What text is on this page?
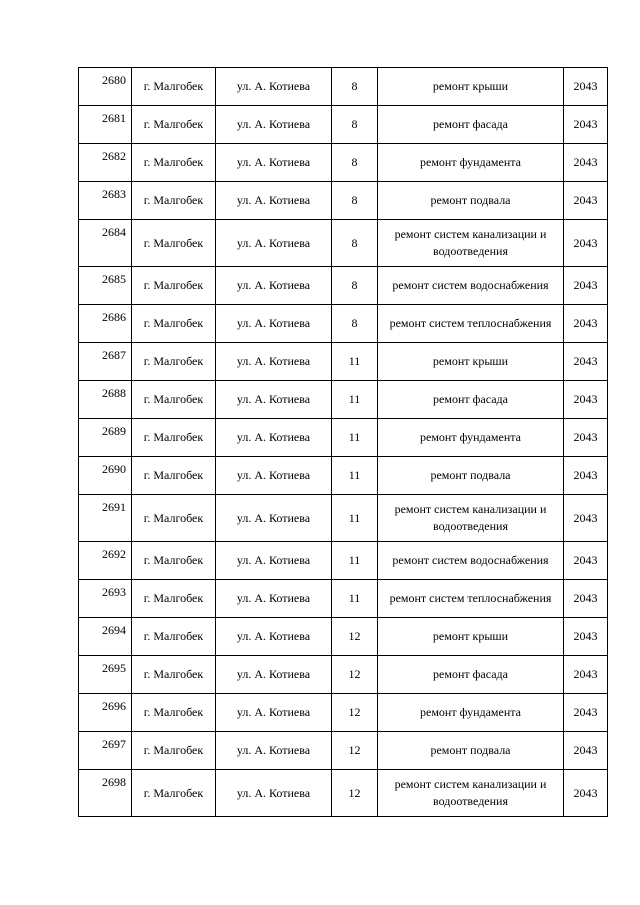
2680	г. Малгобек	ул. А. Котиева	8	ремонт крыши	2043
2681	г. Малгобек	ул. А. Котиева	8	ремонт фасада	2043
2682	г. Малгобек	ул. А. Котиева	8	ремонт фундамента	2043
2683	г. Малгобек	ул. А. Котиева	8	ремонт подвала	2043
2684	г. Малгобек	ул. А. Котиева	8	ремонт систем канализации и водоотведения	2043
2685	г. Малгобек	ул. А. Котиева	8	ремонт систем водоснабжения	2043
2686	г. Малгобек	ул. А. Котиева	8	ремонт систем теплоснабжения	2043
2687	г. Малгобек	ул. А. Котиева	11	ремонт крыши	2043
2688	г. Малгобек	ул. А. Котиева	11	ремонт фасада	2043
2689	г. Малгобек	ул. А. Котиева	11	ремонт фундамента	2043
2690	г. Малгобек	ул. А. Котиева	11	ремонт подвала	2043
2691	г. Малгобек	ул. А. Котиева	11	ремонт систем канализации и водоотведения	2043
2692	г. Малгобек	ул. А. Котиева	11	ремонт систем водоснабжения	2043
2693	г. Малгобек	ул. А. Котиева	11	ремонт систем теплоснабжения	2043
2694	г. Малгобек	ул. А. Котиева	12	ремонт крыши	2043
2695	г. Малгобек	ул. А. Котиева	12	ремонт фасада	2043
2696	г. Малгобек	ул. А. Котиева	12	ремонт фундамента	2043
2697	г. Малгобек	ул. А. Котиева	12	ремонт подвала	2043
2698	г. Малгобек	ул. А. Котиева	12	ремонт систем канализации и водоотведения	2043
